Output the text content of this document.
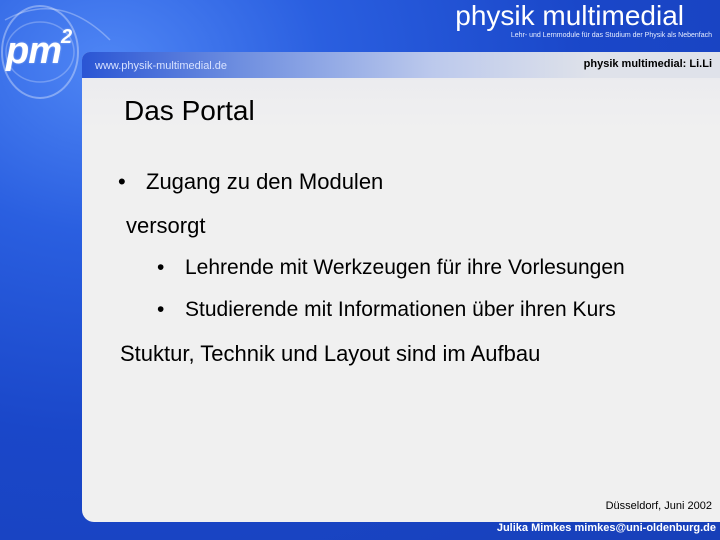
$pm^2$
physik multimedial
Lehr- und Lernmodule für das Studium der Physik als Nebenfach
www.physik-multimedial.de	physik multimedial: Li.Li
Das Portal
• Zugang zu den Modulen
versorgt
• Lehrende mit Werkzeugen für ihre Vorlesungen
• Studierende mit Informationen über ihren Kurs
Stuktur, Technik und Layout sind im Aufbau
Düsseldorf, Juni 2002
Julika Mimkes mimkes@uni-oldenburg.de
